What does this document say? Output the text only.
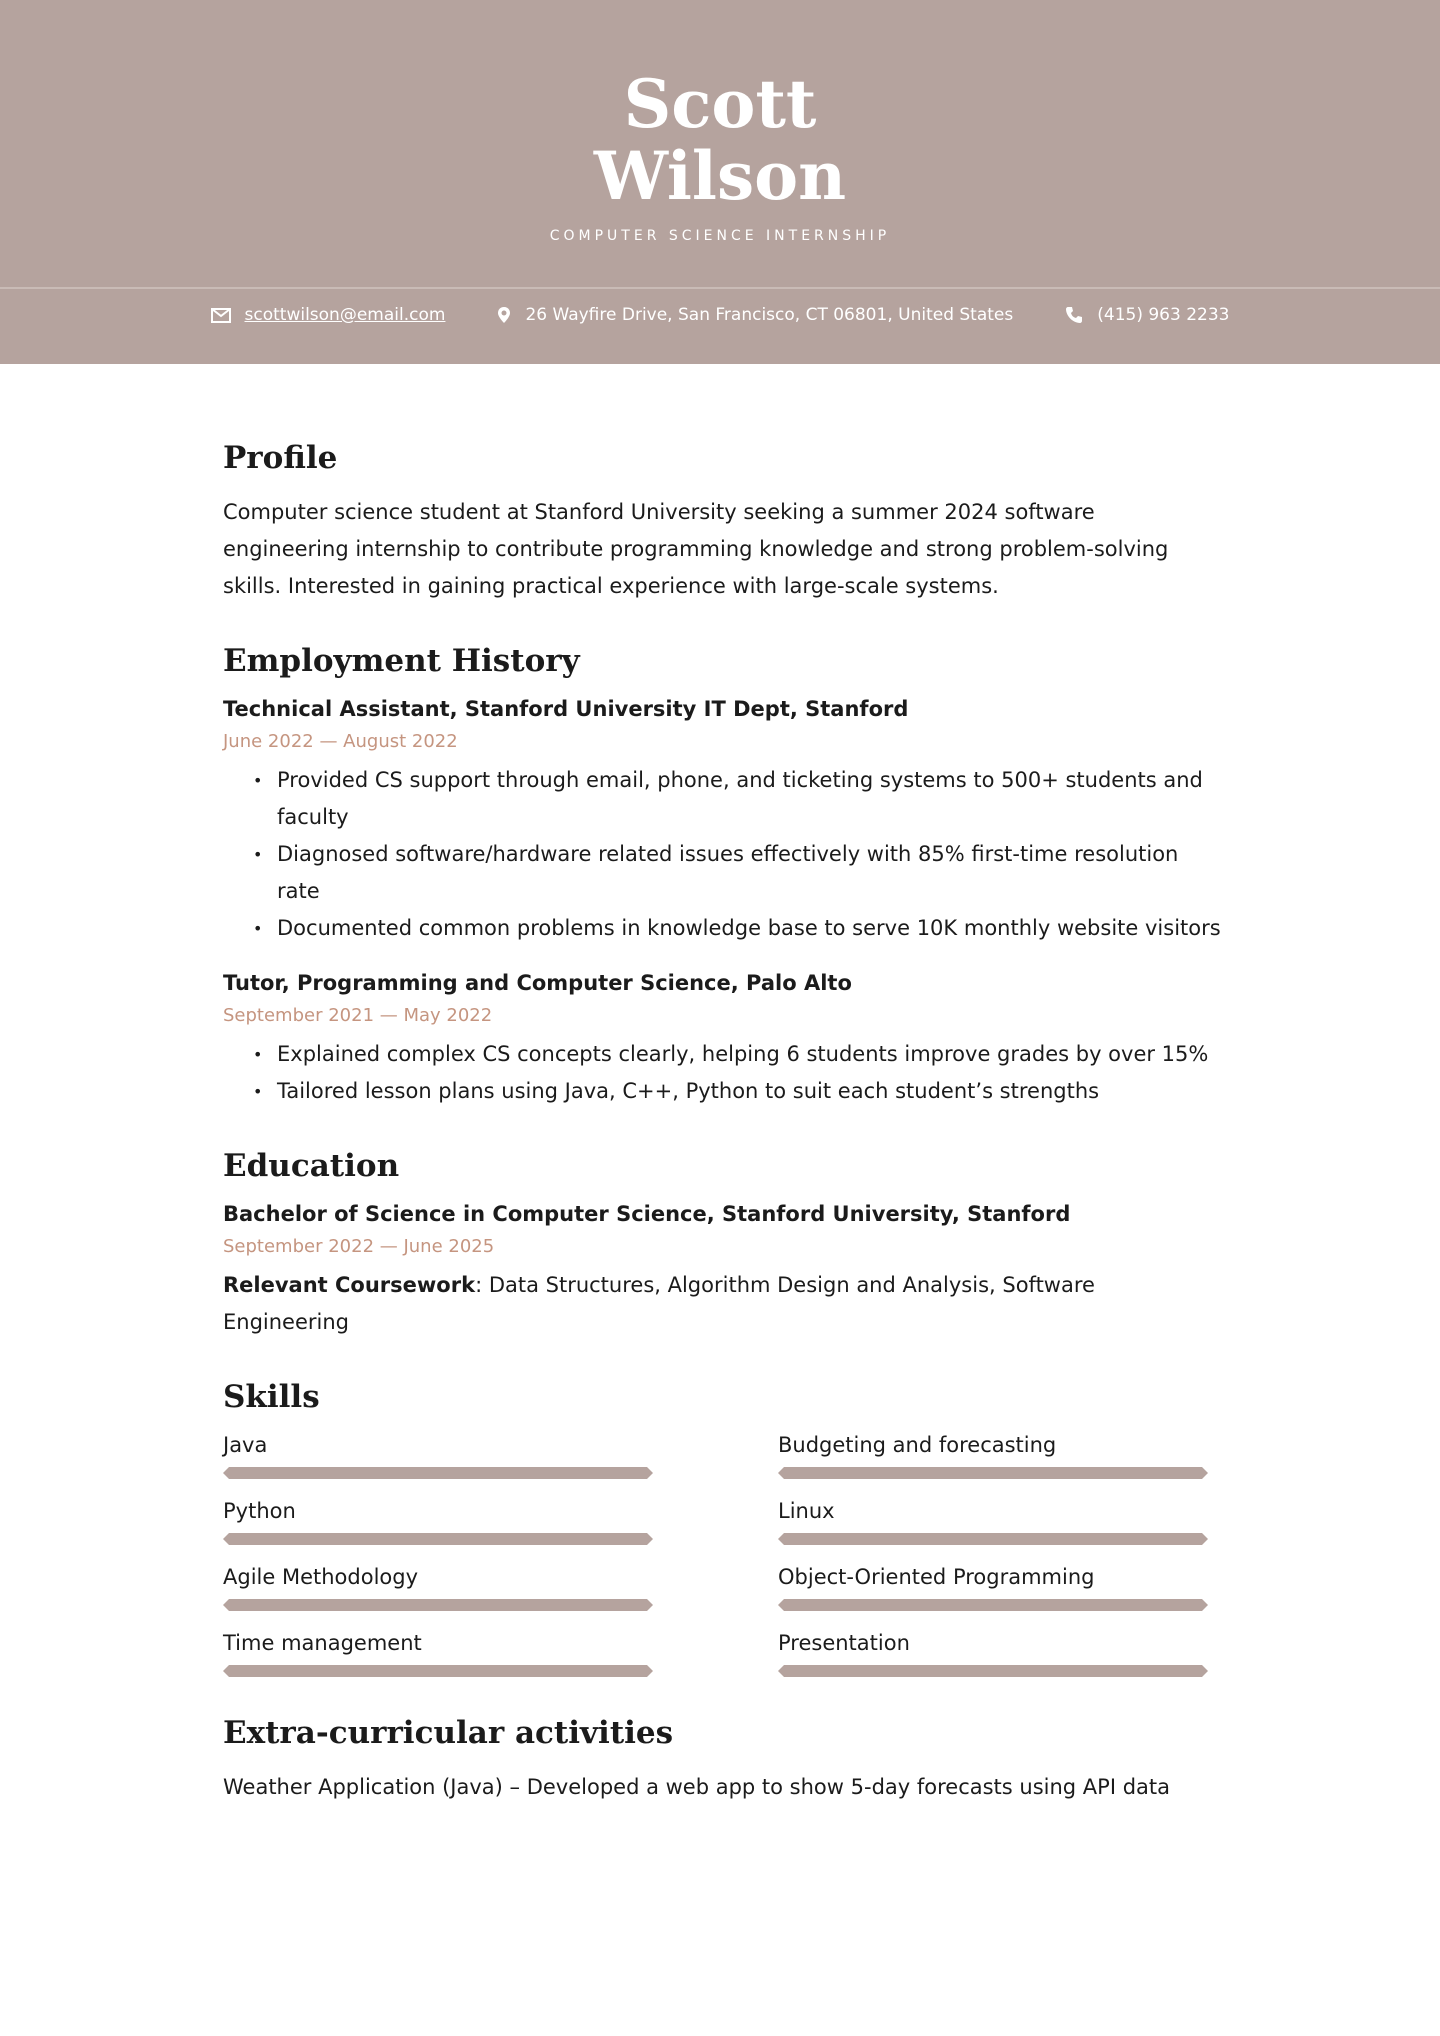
Scott
Wilson
COMPUTER SCIENCE INTERNSHIP
scottwilson@email.com	26 Wayfire Drive, San Francisco, CT 06801, United States	(415) 963 2233
Profile

Computer science student at Stanford University seeking a summer 2024 software engineering internship to contribute programming knowledge and strong problem-solving skills. Interested in gaining practical experience with large-scale systems.

Employment History

Technical Assistant, Stanford University IT Dept, Stanford

June 2022 — August 2022

• Provided CS support through email, phone, and ticketing systems to 500+ students and faculty
• Diagnosed software/hardware related issues effectively with 85% first-time resolution rate
• Documented common problems in knowledge base to serve 10K monthly website visitors

Tutor, Programming and Computer Science, Palo Alto

September 2021 — May 2022

• Explained complex CS concepts clearly, helping 6 students improve grades by over 15%
• Tailored lesson plans using Java, C++, Python to suit each student’s strengths
Education

Bachelor of Science in Computer Science, Stanford University, Stanford

September 2022 — June 2025

Relevant Coursework: Data Structures, Algorithm Design and Analysis, Software Engineering

Skills
Java	Budgeting and forecasting
Python	Linux
Agile Methodology	Object-Oriented Programming
Time management	Presentation
Extra-curricular activities

Weather Application (Java) – Developed a web app to show 5-day forecasts using API data
